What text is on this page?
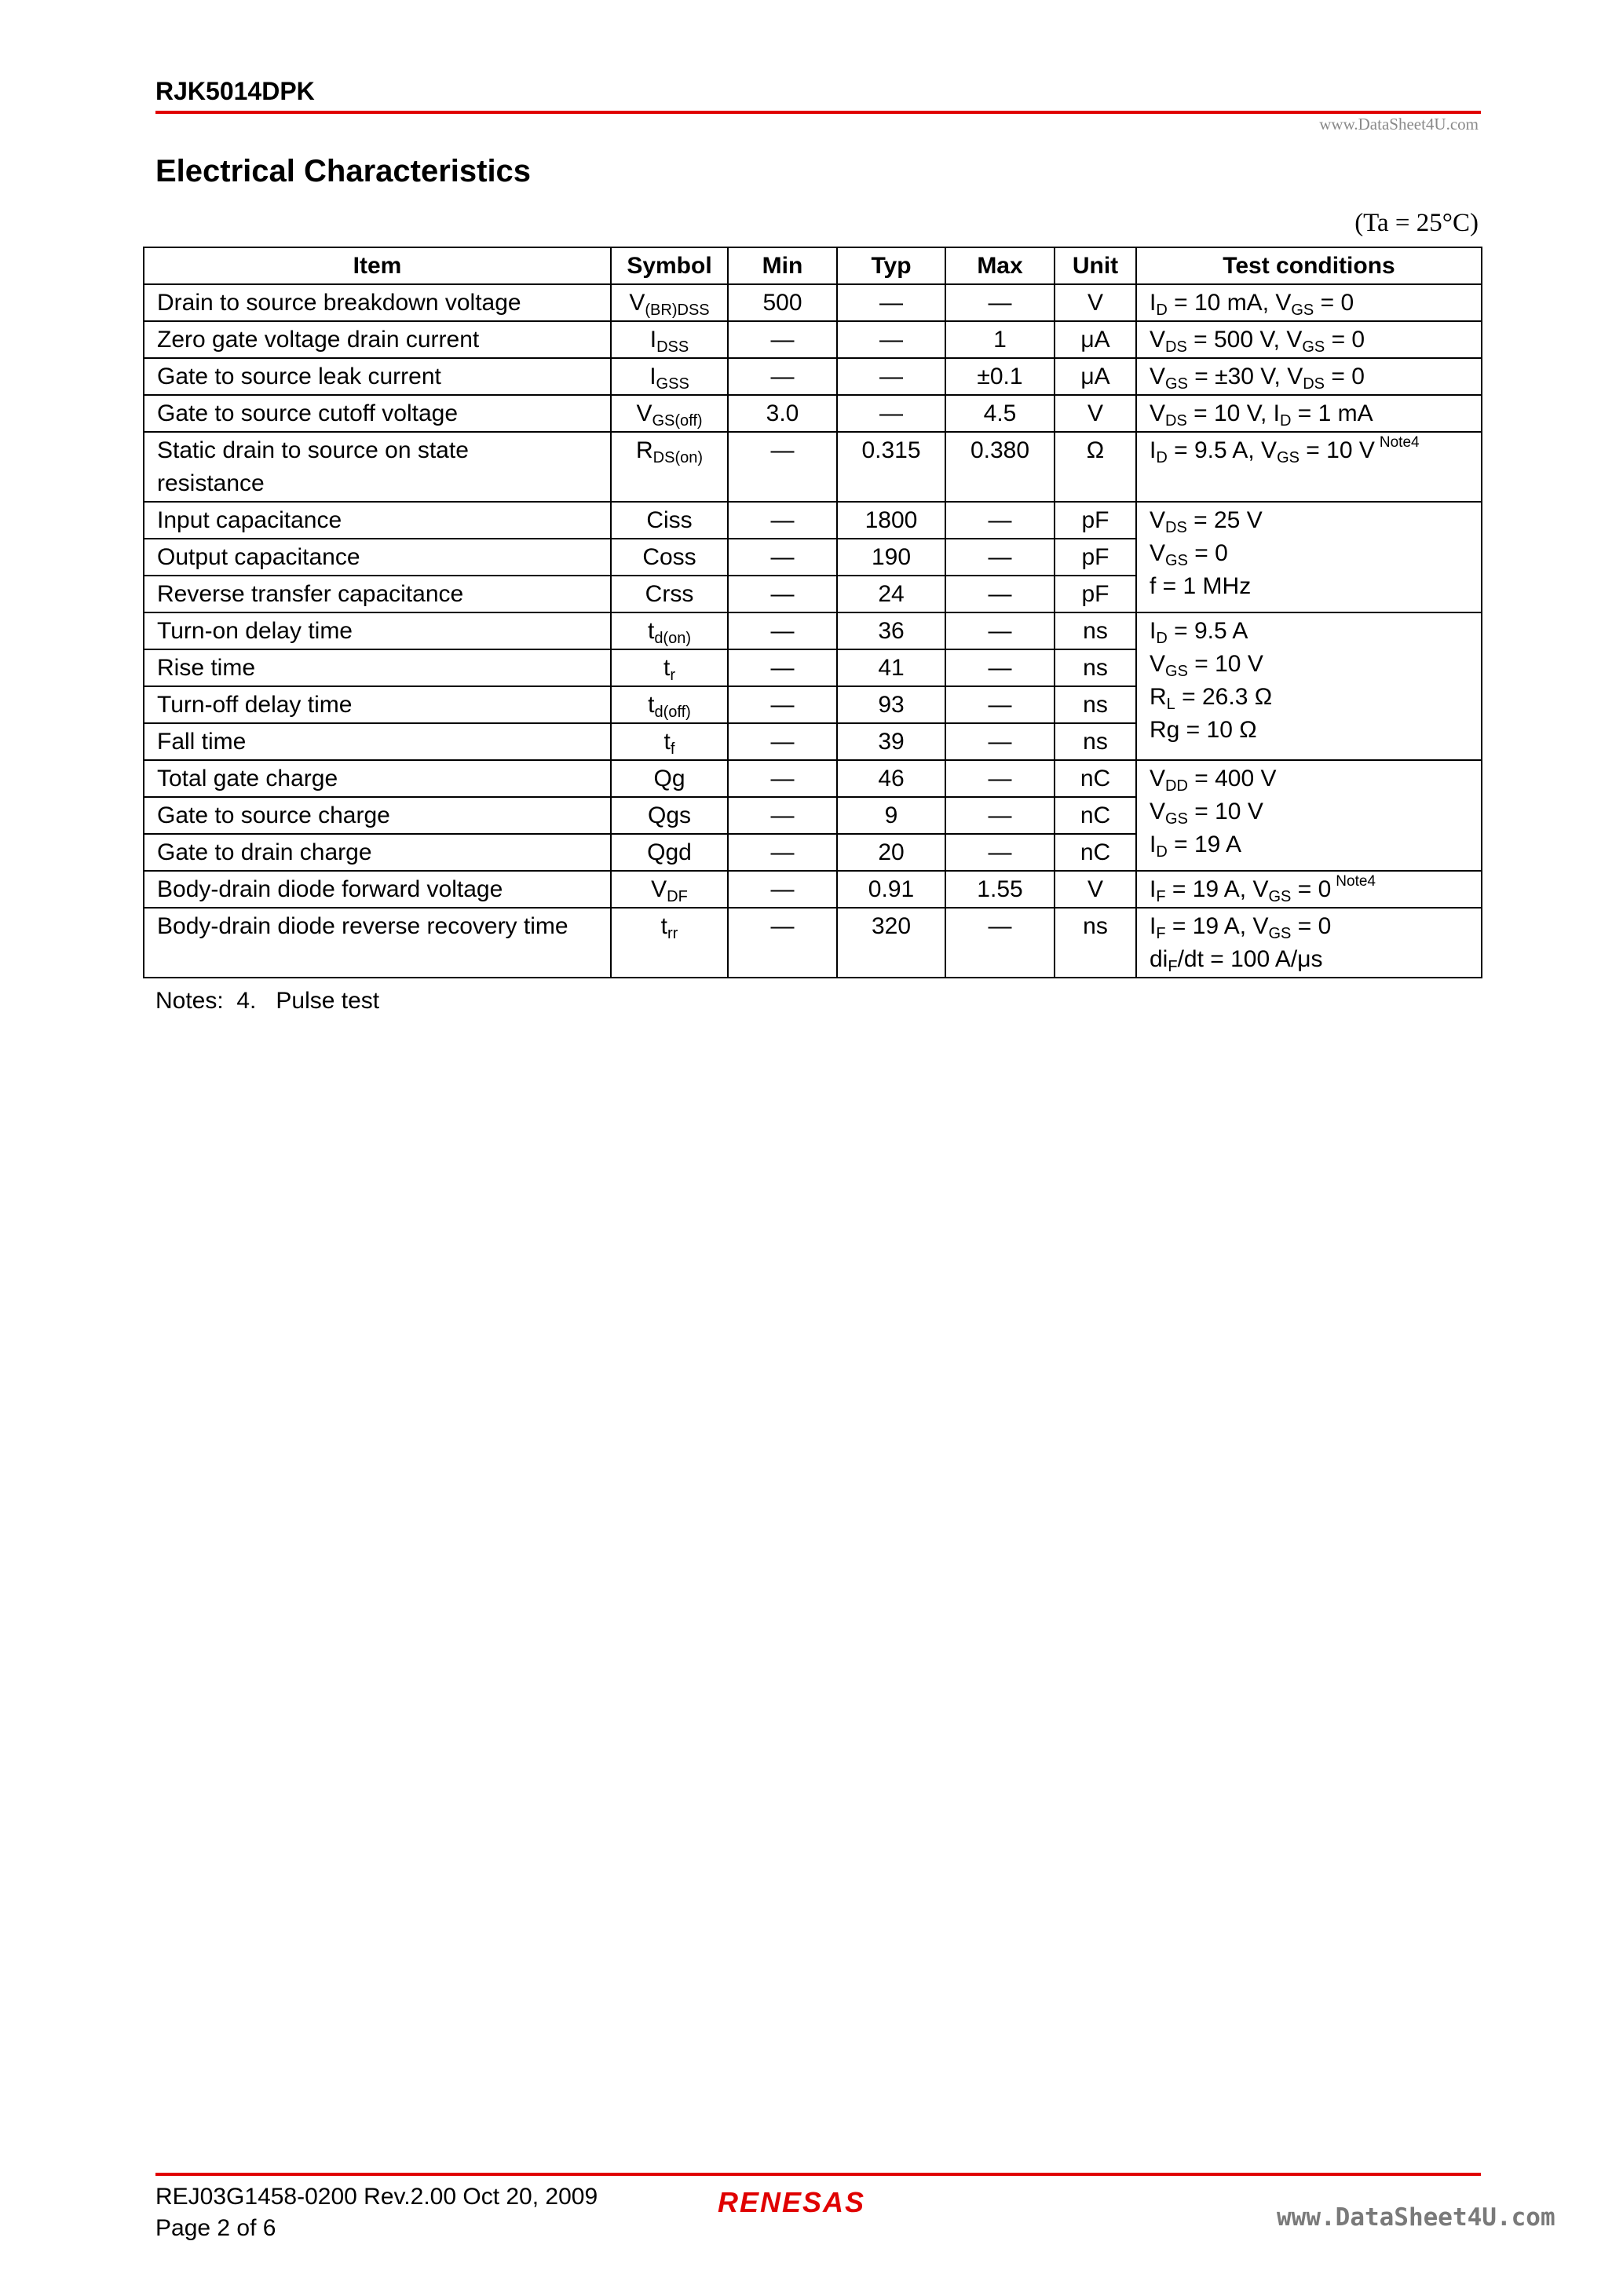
RJK5014DPK
www.DataSheet4U.com
Electrical Characteristics
(Ta = 25°C)
Item	Symbol	Min	Typ	Max	Unit	Test conditions
Drain to source breakdown voltage	$V_{(BR)DSS}$	500	—	—	V	$I_D = 10$ mA, $V_{GS} = 0$
Zero gate voltage drain current	$I_{DSS}$	—	—	1	μA	$V_{DS} = 500$ V, $V_{GS} = 0$
Gate to source leak current	$I_{GSS}$	—	—	±0.1	μA	$V_{GS} = \pm 30$ V, $V_{DS} = 0$
Gate to source cutoff voltage	$V_{GS(off)}$	3.0	—	4.5	V	$V_{DS} = 10$ V, $I_D = 1$ mA
Static drain to source on state
resistance	$R_{DS(on)}$	—	0.315	0.380	Ω	$I_D = 9.5$ A, $V_{GS} = 10$ V $^{Note4}$
Input capacitance	Ciss	—	1800	—	pF	$V_{DS} = 25$ V
$V_{GS} = 0$
f = 1 MHz
Output capacitance	Coss	—	190	—	pF	
Reverse transfer capacitance	Crss	—	24	—	pF	
Turn-on delay time	$t_{d(on)}$	—	36	—	ns	$I_D = 9.5$ A
$V_{GS} = 10$ V
$R_L = 26.3$ Ω
Rg = 10 Ω
Rise time	$t_r$	—	41	—	ns	
Turn-off delay time	$t_{d(off)}$	—	93	—	ns	
Fall time	$t_f$	—	39	—	ns	
Total gate charge	Qg	—	46	—	nC	$V_{DD} = 400$ V
$V_{GS} = 10$ V
$I_D = 19$ A
Gate to source charge	Qgs	—	9	—	nC	
Gate to drain charge	Qgd	—	20	—	nC	
Body-drain diode forward voltage	$V_{DF}$	—	0.91	1.55	V	$I_F = 19$ A, $V_{GS} = 0$ $^{Note4}$
Body-drain diode reverse recovery time	$t_{rr}$	—	320	—	ns	$I_F = 19$ A, $V_{GS} = 0$
$di_F/dt = 100$ A/μs
Notes:  4.   Pulse test
REJ03G1458-0200 Rev.2.00 Oct 20, 2009
Page 2 of 6
RENESAS	www.DataSheet4U.com
